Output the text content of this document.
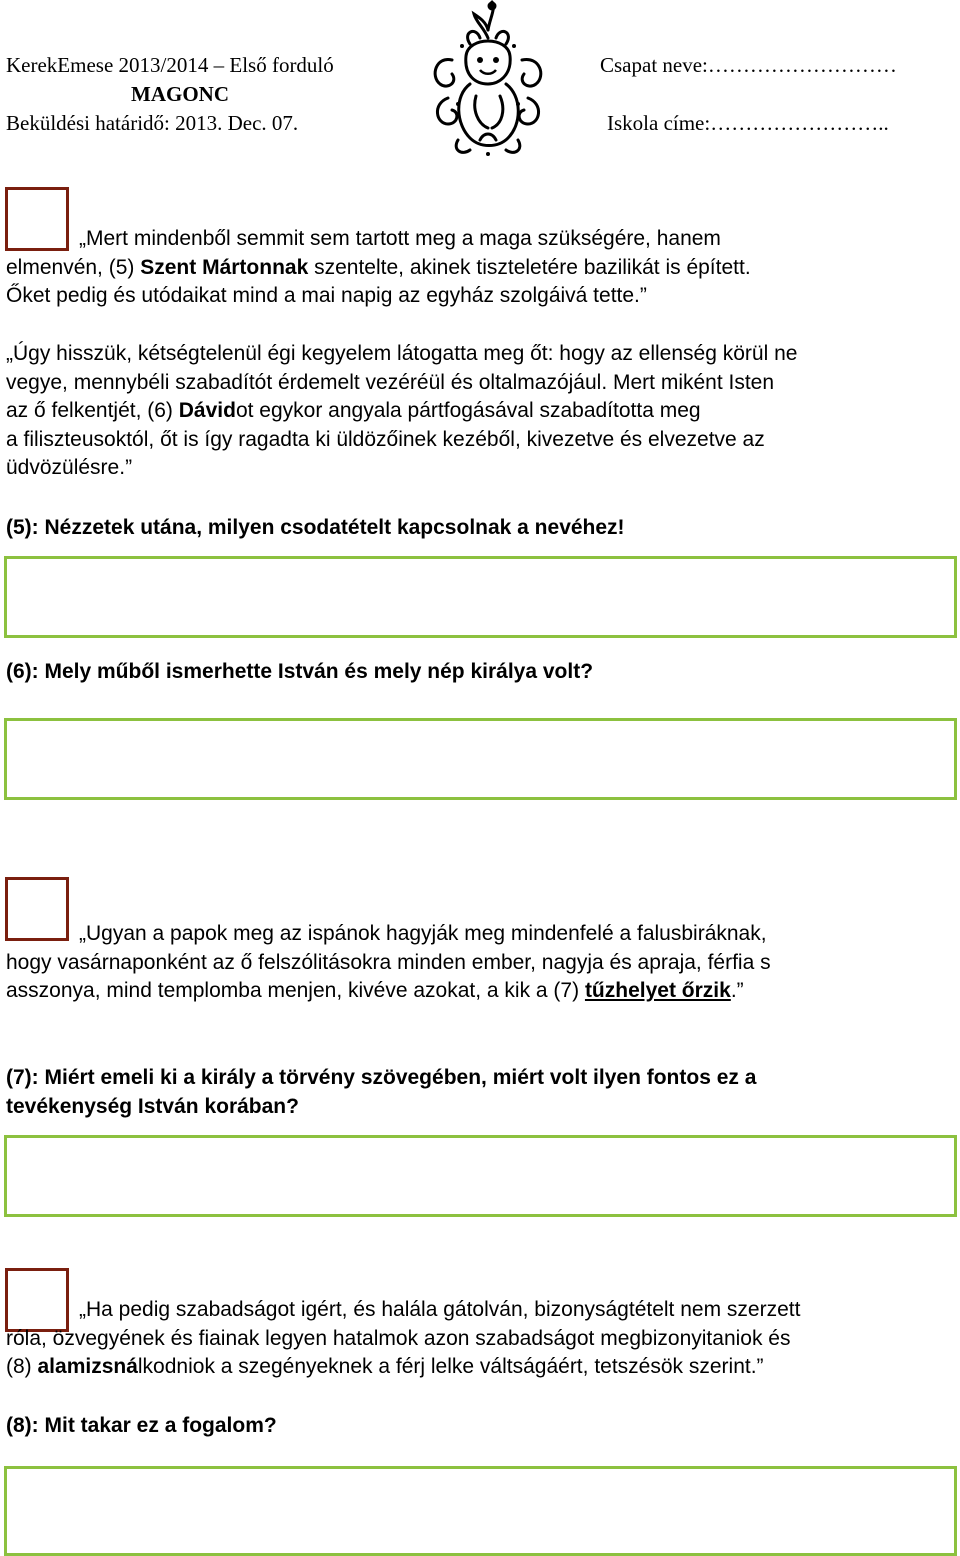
KerekEmese 2013/2014 – Első forduló
MAGONC
Beküldési határidő: 2013. Dec. 07.
Csapat neve:………………………
Iskola címe:……………………..
„Mert mindenből semmit sem tartott meg a maga szükségére, hanem
elmenvén, (5) Szent Mártonnak szentelte, akinek tiszteletére bazilikát is épített.
Őket pedig és utódaikat mind a mai napig az egyház szolgáivá tette.”
„Úgy hisszük, kétségtelenül égi kegyelem látogatta meg őt: hogy az ellenség körül ne
vegye, mennybéli szabadítót érdemelt vezéréül és oltalmazójául. Mert miként Isten
az ő felkentjét, (6) Dávidot egykor angyala pártfogásával szabadította meg
a filiszteusoktól, őt is így ragadta ki üldözőinek kezéből, kivezetve és elvezetve az
üdvözülésre.”
(5): Nézzetek utána, milyen csodatételt kapcsolnak a nevéhez!
(6): Mely műből ismerhette István és mely nép királya volt?
„Ugyan a papok meg az ispánok hagyják meg mindenfelé a falusbiráknak,
hogy vasárnaponként az ő felszólitásokra minden ember, nagyja és apraja, férfia s
asszonya, mind templomba menjen, kivéve azokat, a kik a (7) tűzhelyet őrzik.”
(7): Miért emeli ki a király a törvény szövegében, miért volt ilyen fontos ez a
tevékenység István korában?
„Ha pedig szabadságot igért, és halála gátolván, bizonyságtételt nem szerzett
róla, özvegyének és fiainak legyen hatalmok azon szabadságot megbizonyitaniok és
(8) alamizsnálkodniok a szegényeknek a férj lelke váltságáért, tetszésök szerint.”
(8): Mit takar ez a fogalom?
